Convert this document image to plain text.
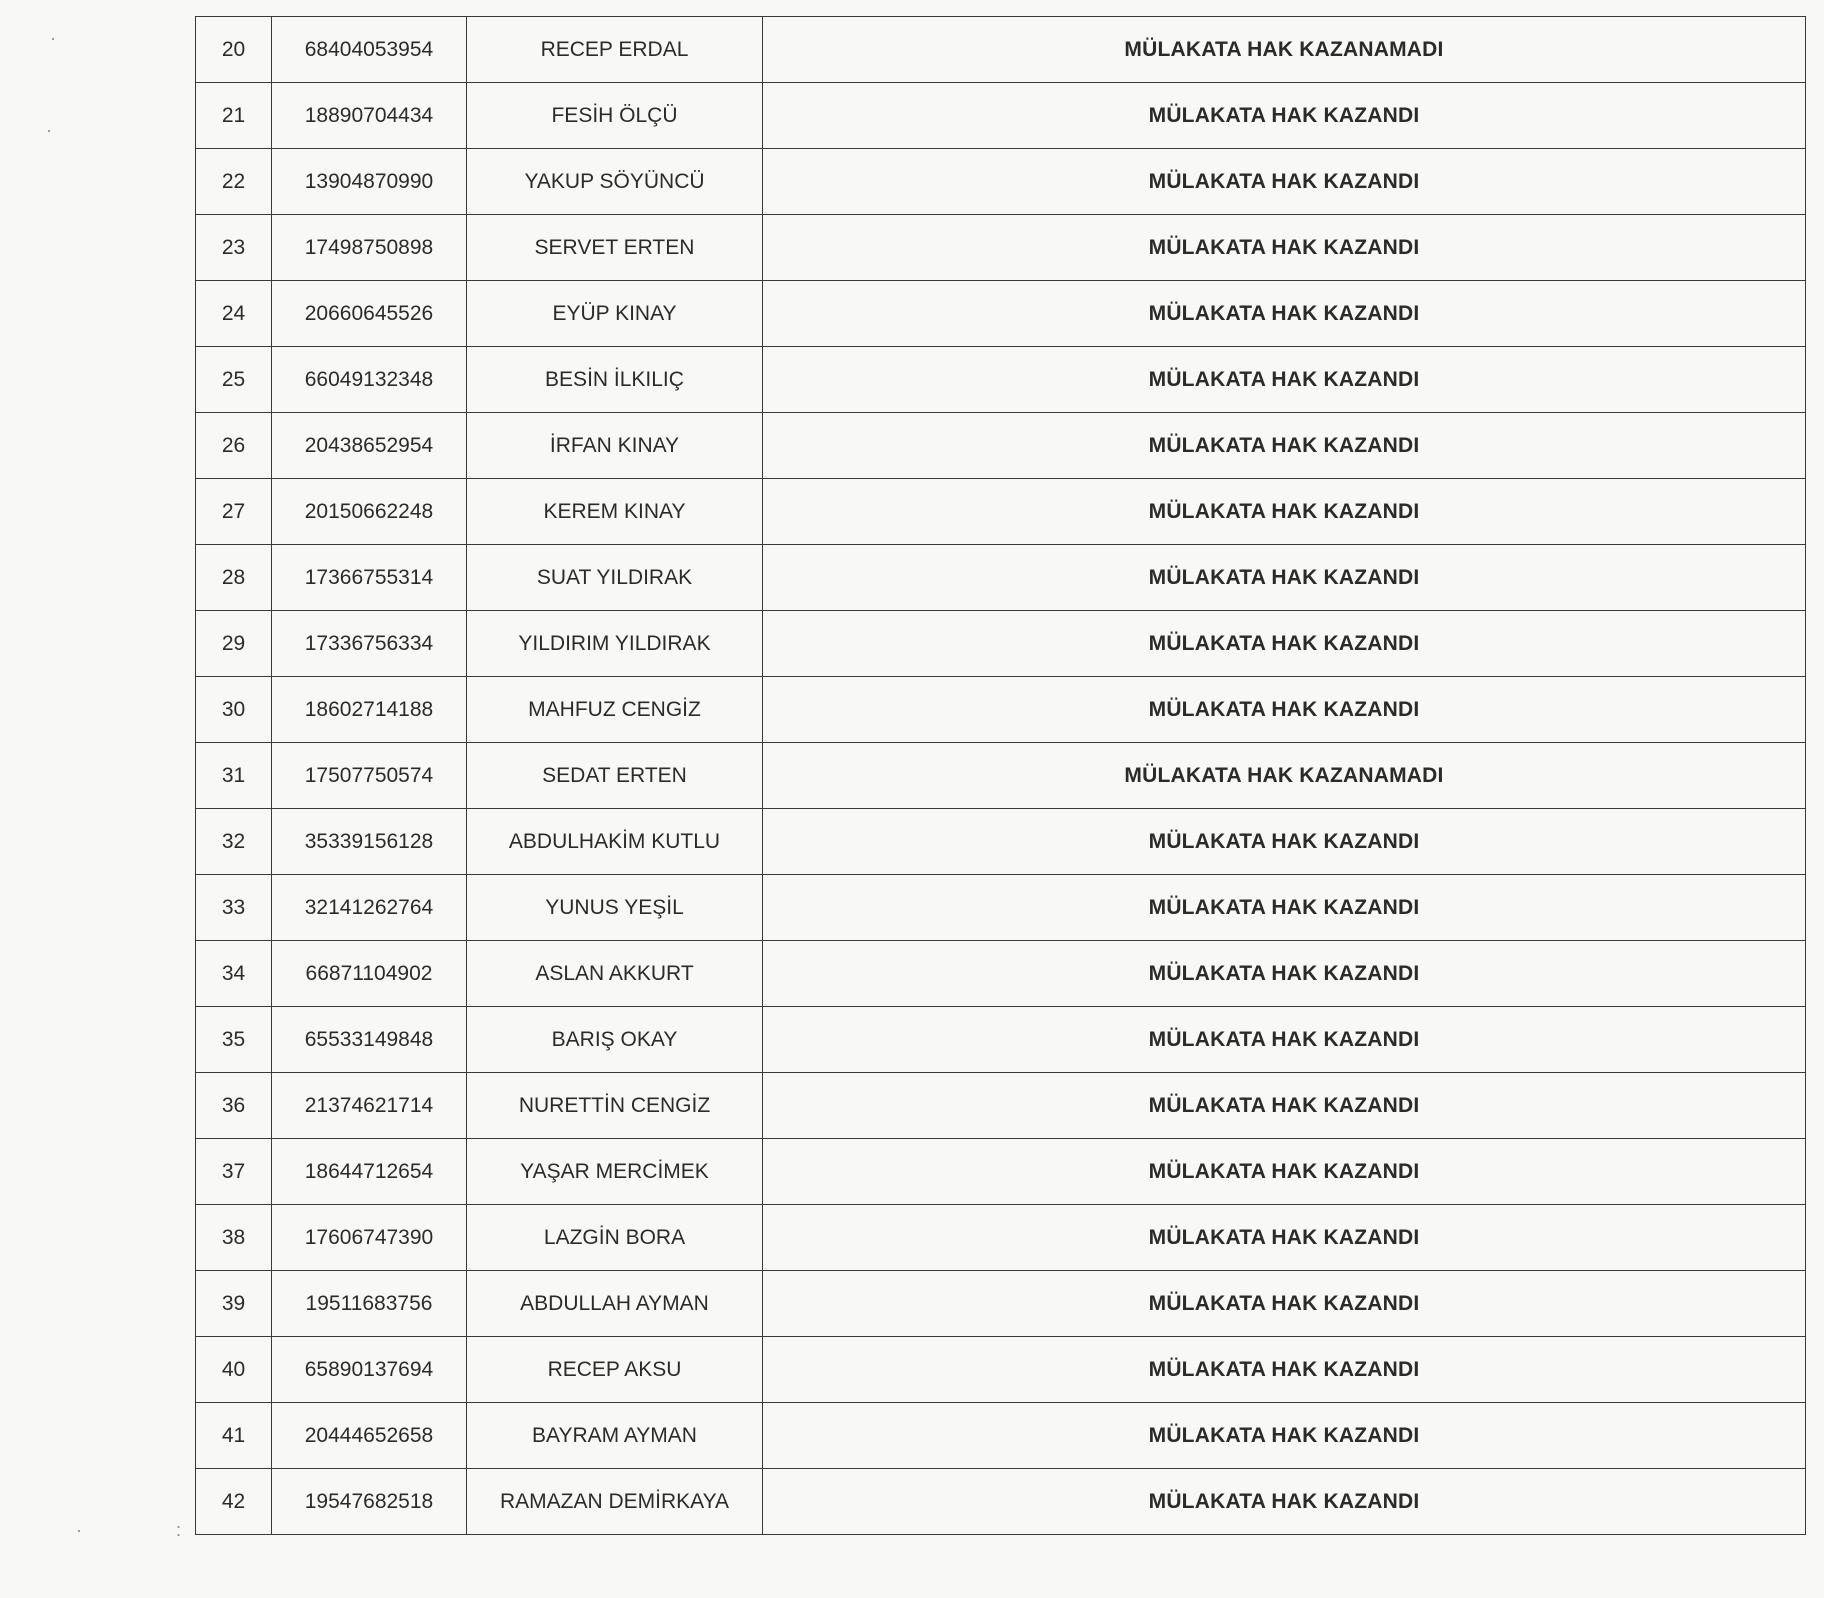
·
·
·	:
20	68404053954	RECEP ERDAL	MÜLAKATA HAK KAZANAMADI
21	18890704434	FESİH ÖLÇÜ	MÜLAKATA HAK KAZANDI
22	13904870990	YAKUP SÖYÜNCÜ	MÜLAKATA HAK KAZANDI
23	17498750898	SERVET ERTEN	MÜLAKATA HAK KAZANDI
24	20660645526	EYÜP KINAY	MÜLAKATA HAK KAZANDI
25	66049132348	BESİN İLKILIÇ	MÜLAKATA HAK KAZANDI
26	20438652954	İRFAN KINAY	MÜLAKATA HAK KAZANDI
27	20150662248	KEREM KINAY	MÜLAKATA HAK KAZANDI
28	17366755314	SUAT YILDIRAK	MÜLAKATA HAK KAZANDI
29	17336756334	YILDIRIM YILDIRAK	MÜLAKATA HAK KAZANDI
30	18602714188	MAHFUZ CENGİZ	MÜLAKATA HAK KAZANDI
31	17507750574	SEDAT ERTEN	MÜLAKATA HAK KAZANAMADI
32	35339156128	ABDULHAKİM KUTLU	MÜLAKATA HAK KAZANDI
33	32141262764	YUNUS YEŞİL	MÜLAKATA HAK KAZANDI
34	66871104902	ASLAN AKKURT	MÜLAKATA HAK KAZANDI
35	65533149848	BARIŞ OKAY	MÜLAKATA HAK KAZANDI
36	21374621714	NURETTİN CENGİZ	MÜLAKATA HAK KAZANDI
37	18644712654	YAŞAR MERCİMEK	MÜLAKATA HAK KAZANDI
38	17606747390	LAZGİN BORA	MÜLAKATA HAK KAZANDI
39	19511683756	ABDULLAH AYMAN	MÜLAKATA HAK KAZANDI
40	65890137694	RECEP AKSU	MÜLAKATA HAK KAZANDI
41	20444652658	BAYRAM AYMAN	MÜLAKATA HAK KAZANDI
42	19547682518	RAMAZAN DEMİRKAYA	MÜLAKATA HAK KAZANDI
